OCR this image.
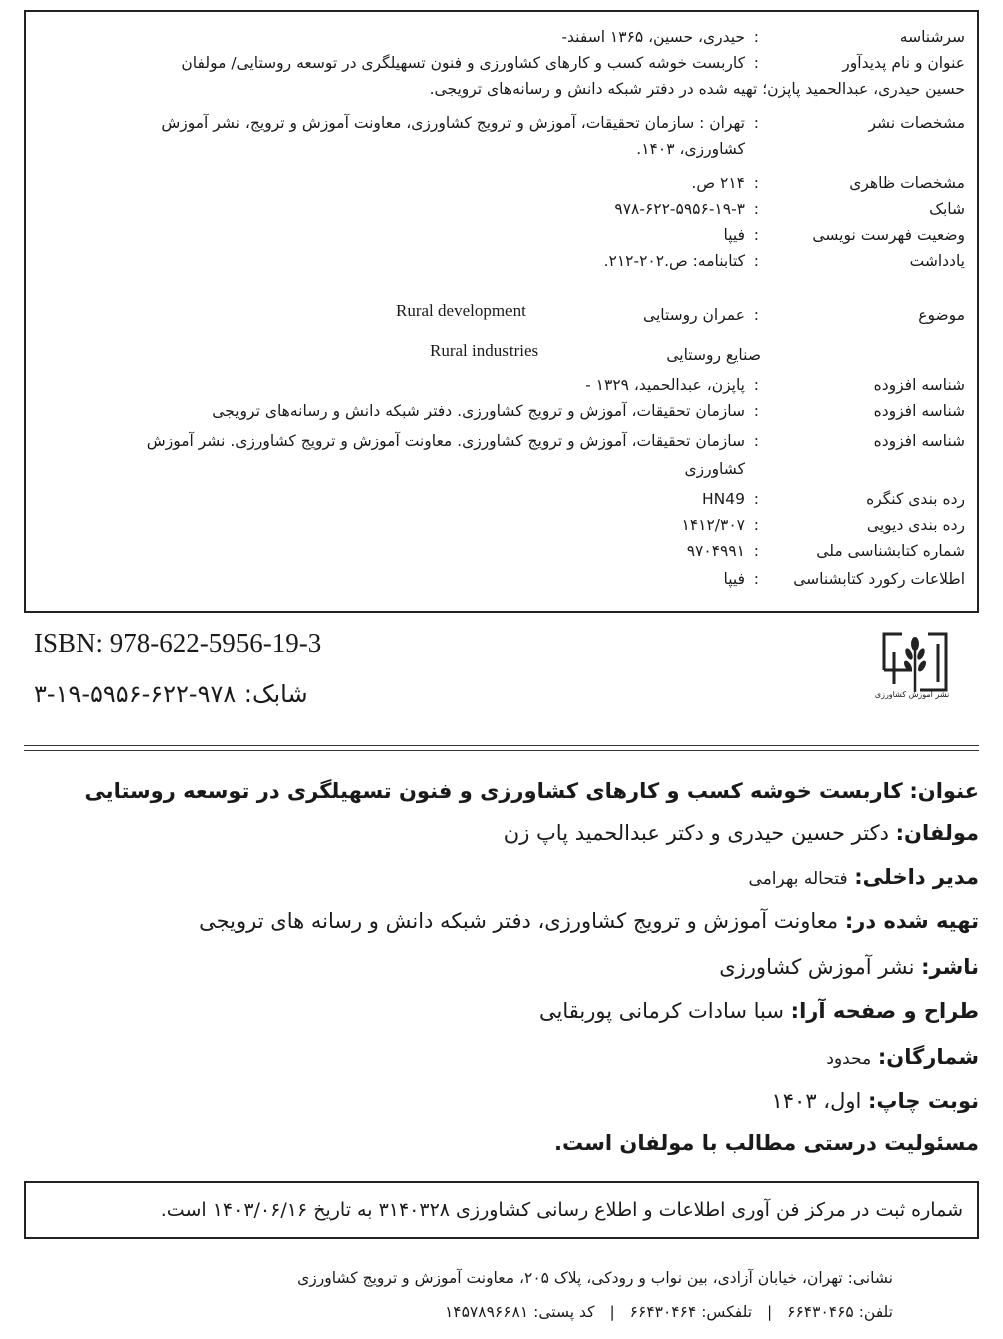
سرشناسه
:
حیدری، حسین، ۱۳۶۵ اسفند-
عنوان و نام پدیدآور
:
کاربست خوشه کسب و کارهای کشاورزی و فنون تسهیلگری در توسعه روستایی/ مولفان
حسین حیدری، عبدالحمید پاپزن؛ تهیه شده در دفتر شبکه دانش و رسانه‌های ترویجی.
مشخصات نشر
:
تهران : سازمان تحقیقات، آموزش و ترویج کشاورزی، معاونت آموزش و ترویج، نشر آموزش
کشاورزی، ۱۴۰۳.
مشخصات ظاهری
:
۲۱۴ ص.
شابک
:
۹۷۸-۶۲۲-۵۹۵۶-۱۹-۳
وضعیت فهرست نویسی
:
فیپا
یادداشت
:
کتابنامه: ص.۲۰۲-۲۱۲.
موضوع
:
عمران روستایی
Rural development
صنایع روستایی
Rural industries
شناسه افزوده
:
پاپزن، عبدالحمید، ۱۳۲۹ -
شناسه افزوده
:
سازمان تحقیقات، آموزش و ترویج کشاورزی. دفتر شبکه دانش و رسانه‌های ترویجی
شناسه افزوده
:
سازمان تحقیقات، آموزش و ترویج کشاورزی. معاونت آموزش و ترویج کشاورزی. نشر آموزش
کشاورزی
رده بندی کنگره
:
HN49
رده بندی دیویی
:
۱۴۱۲/۳۰۷
شماره کتابشناسی ملی
:
۹۷۰۴۹۹۱
اطلاعات رکورد کتابشناسی
:
فیپا
ISBN: 978-622-5956-19-3
شابک: ۹۷۸-۶۲۲-۵۹۵۶-۱۹-۳	نشر آموزش کشاورزی
عنوان: کاربست خوشه کسب و کارهای کشاورزی و فنون تسهیلگری در توسعه روستایی
مولفان: دکتر حسین حیدری و دکتر عبدالحمید پاپ زن
مدیر داخلی: فتحاله بهرامی
تهیه شده در: معاونت آموزش و ترویج کشاورزی، دفتر شبکه دانش و رسانه های ترویجی
ناشر: نشر آموزش کشاورزی
طراح و صفحه آرا: سبا سادات کرمانی پوربقایی
شمارگان: محدود
نوبت چاپ: اول، ۱۴۰۳
مسئولیت درستی مطالب با مولفان است.
شماره ثبت در مرکز فن آوری اطلاعات و اطلاع رسانی کشاورزی ۳۱۴۰۳۲۸ به تاریخ ۱۴۰۳/۰۶/۱۶ است.
نشانی: تهران، خیابان آزادی، بین نواب و رودکی، پلاک ۲۰۵، معاونت آموزش و ترویج کشاورزی
تلفن: ۶۶۴۳۰۴۶۵ | تلفکس: ۶۶۴۳۰۴۶۴ | کد پستی: ۱۴۵۷۸۹۶۶۸۱
